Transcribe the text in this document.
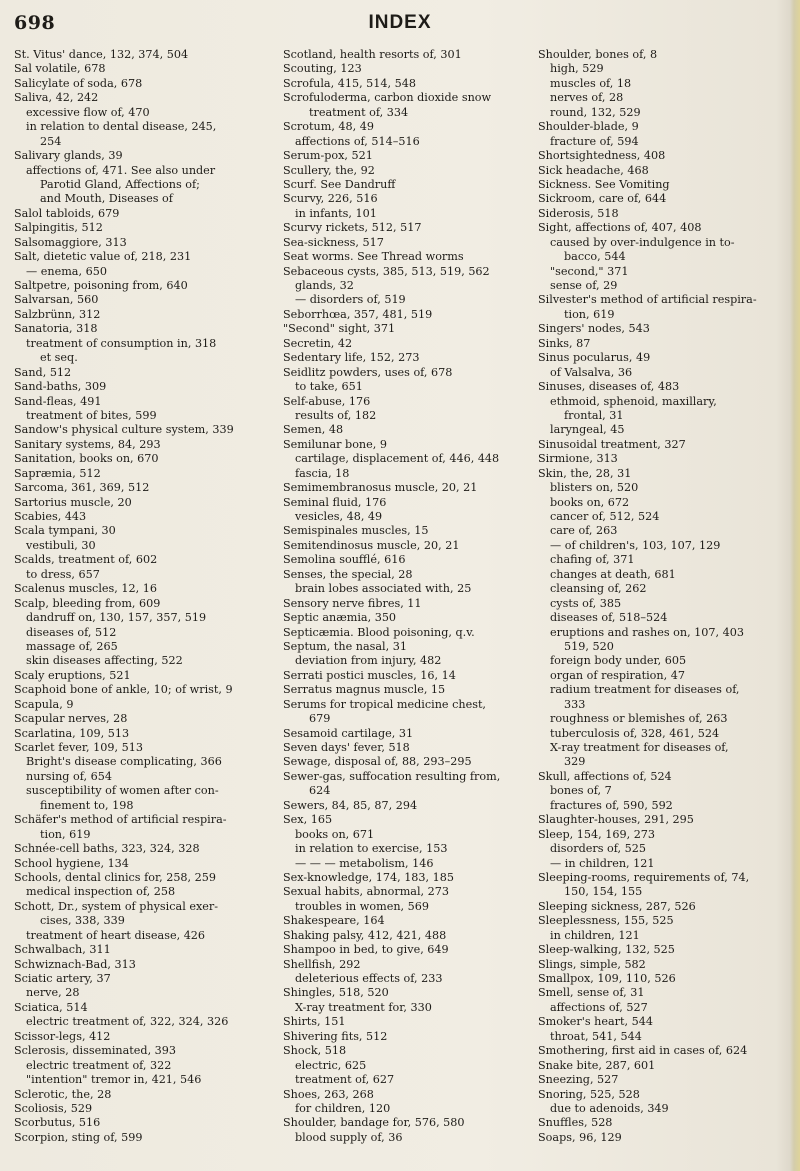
698	INDEX
St. Vitus' dance, 132, 374, 504
Sal volatile, 678
Salicylate of soda, 678
Saliva, 42, 242
excessive flow of, 470
in relation to dental disease, 245,
254
Salivary glands, 39
affections of, 471. See also under
Parotid Gland, Affections of;
and Mouth, Diseases of
Salol tabloids, 679
Salpingitis, 512
Salsomaggiore, 313
Salt, dietetic value of, 218, 231
— enema, 650
Saltpetre, poisoning from, 640
Salvarsan, 560
Salzbrünn, 312
Sanatoria, 318
treatment of consumption in, 318
et seq.
Sand, 512
Sand-baths, 309
Sand-fleas, 491
treatment of bites, 599
Sandow's physical culture system, 339
Sanitary systems, 84, 293
Sanitation, books on, 670
Sapræmia, 512
Sarcoma, 361, 369, 512
Sartorius muscle, 20
Scabies, 443
Scala tympani, 30
vestibuli, 30
Scalds, treatment of, 602
to dress, 657
Scalenus muscles, 12, 16
Scalp, bleeding from, 609
dandruff on, 130, 157, 357, 519
diseases of, 512
massage of, 265
skin diseases affecting, 522
Scaly eruptions, 521
Scaphoid bone of ankle, 10; of wrist, 9
Scapula, 9
Scapular nerves, 28
Scarlatina, 109, 513
Scarlet fever, 109, 513
Bright's disease complicating, 366
nursing of, 654
susceptibility of women after con-
finement to, 198
Schäfer's method of artificial respira-
tion, 619
Schnée-cell baths, 323, 324, 328
School hygiene, 134
Schools, dental clinics for, 258, 259
medical inspection of, 258
Schott, Dr., system of physical exer-
cises, 338, 339
treatment of heart disease, 426
Schwalbach, 311
Schwiznach-Bad, 313
Sciatic artery, 37
nerve, 28
Sciatica, 514
electric treatment of, 322, 324, 326
Scissor-legs, 412
Sclerosis, disseminated, 393
electric treatment of, 322
"intention" tremor in, 421, 546
Sclerotic, the, 28
Scoliosis, 529
Scorbutus, 516
Scorpion, sting of, 599
Scotland, health resorts of, 301
Scouting, 123
Scrofula, 415, 514, 548
Scrofuloderma, carbon dioxide snow
treatment of, 334
Scrotum, 48, 49
affections of, 514–516
Serum-pox, 521
Scullery, the, 92
Scurf. See Dandruff
Scurvy, 226, 516
in infants, 101
Scurvy rickets, 512, 517
Sea-sickness, 517
Seat worms. See Thread worms
Sebaceous cysts, 385, 513, 519, 562
glands, 32
— disorders of, 519
Seborrhœa, 357, 481, 519
"Second" sight, 371
Secretin, 42
Sedentary life, 152, 273
Seidlitz powders, uses of, 678
to take, 651
Self-abuse, 176
results of, 182
Semen, 48
Semilunar bone, 9
cartilage, displacement of, 446, 448
fascia, 18
Semimembranosus muscle, 20, 21
Seminal fluid, 176
vesicles, 48, 49
Semispinales muscles, 15
Semitendinosus muscle, 20, 21
Semolina soufflé, 616
Senses, the special, 28
brain lobes associated with, 25
Sensory nerve fibres, 11
Septic anæmia, 350
Septicæmia. Blood poisoning, q.v.
Septum, the nasal, 31
deviation from injury, 482
Serrati postici muscles, 16, 14
Serratus magnus muscle, 15
Serums for tropical medicine chest,
679
Sesamoid cartilage, 31
Seven days' fever, 518
Sewage, disposal of, 88, 293–295
Sewer-gas, suffocation resulting from,
624
Sewers, 84, 85, 87, 294
Sex, 165
books on, 671
in relation to exercise, 153
— — — metabolism, 146
Sex-knowledge, 174, 183, 185
Sexual habits, abnormal, 273
troubles in women, 569
Shakespeare, 164
Shaking palsy, 412, 421, 488
Shampoo in bed, to give, 649
Shellfish, 292
deleterious effects of, 233
Shingles, 518, 520
X-ray treatment for, 330
Shirts, 151
Shivering fits, 512
Shock, 518
electric, 625
treatment of, 627
Shoes, 263, 268
for children, 120
Shoulder, bandage for, 576, 580
blood supply of, 36
Shoulder, bones of, 8
high, 529
muscles of, 18
nerves of, 28
round, 132, 529
Shoulder-blade, 9
fracture of, 594
Shortsightedness, 408
Sick headache, 468
Sickness. See Vomiting
Sickroom, care of, 644
Siderosis, 518
Sight, affections of, 407, 408
caused by over-indulgence in to-
bacco, 544
"second," 371
sense of, 29
Silvester's method of artificial respira-
tion, 619
Singers' nodes, 543
Sinks, 87
Sinus pocularus, 49
of Valsalva, 36
Sinuses, diseases of, 483
ethmoid, sphenoid, maxillary,
frontal, 31
laryngeal, 45
Sinusoidal treatment, 327
Sirmione, 313
Skin, the, 28, 31
blisters on, 520
books on, 672
cancer of, 512, 524
care of, 263
— of children's, 103, 107, 129
chafing of, 371
changes at death, 681
cleansing of, 262
cysts of, 385
diseases of, 518–524
eruptions and rashes on, 107, 403
519, 520
foreign body under, 605
organ of respiration, 47
radium treatment for diseases of,
333
roughness or blemishes of, 263
tuberculosis of, 328, 461, 524
X-ray treatment for diseases of,
329
Skull, affections of, 524
bones of, 7
fractures of, 590, 592
Slaughter-houses, 291, 295
Sleep, 154, 169, 273
disorders of, 525
— in children, 121
Sleeping-rooms, requirements of, 74,
150, 154, 155
Sleeping sickness, 287, 526
Sleeplessness, 155, 525
in children, 121
Sleep-walking, 132, 525
Slings, simple, 582
Smallpox, 109, 110, 526
Smell, sense of, 31
affections of, 527
Smoker's heart, 544
throat, 541, 544
Smothering, first aid in cases of, 624
Snake bite, 287, 601
Sneezing, 527
Snoring, 525, 528
due to adenoids, 349
Snuffles, 528
Soaps, 96, 129
